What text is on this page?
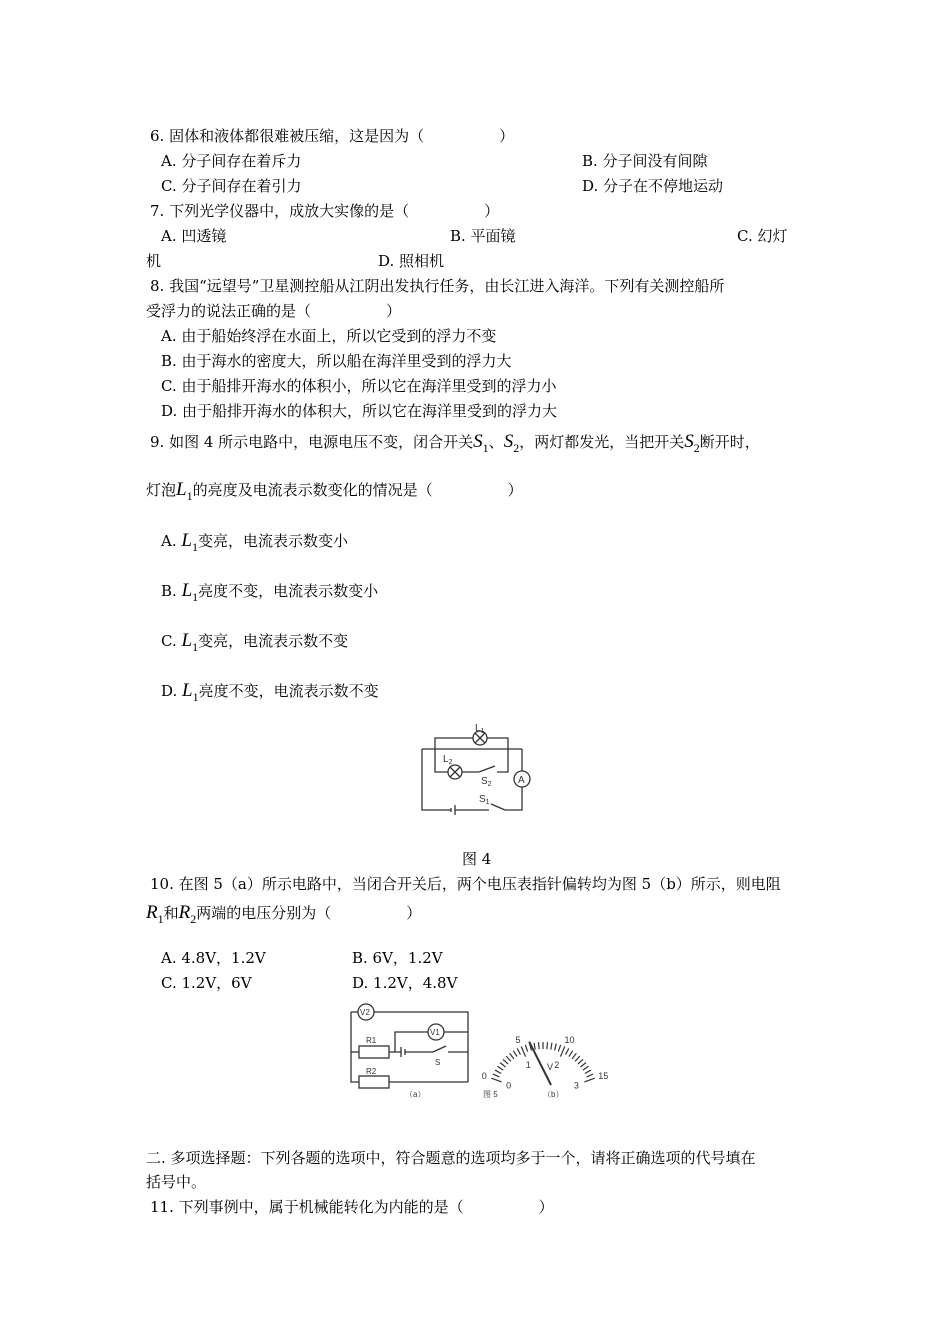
6. 固体和液体都很难被压缩，这是因为（　　　　　）
A. 分子间存在着斥力	B. 分子间没有间隙
C. 分子间存在着引力	D. 分子在不停地运动
7. 下列光学仪器中，成放大实像的是（　　　　　）
A. 凹透镜	B. 平面镜	C. 幻灯
机	D. 照相机
8. 我国“远望号”卫星测控船从江阴出发执行任务，由长江进入海洋。下列有关测控船所
受浮力的说法正确的是（　　　　　）
A. 由于船始终浮在水面上，所以它受到的浮力不变
B. 由于海水的密度大，所以船在海洋里受到的浮力大
C. 由于船排开海水的体积小，所以它在海洋里受到的浮力小
D. 由于船排开海水的体积大，所以它在海洋里受到的浮力大
9. 如图 4 所示电路中，电源电压不变，闭合开关$S_1$、$S_2$，两灯都发光，当把开关$S_2$断开时，
灯泡$L_1$的亮度及电流表示数变化的情况是（　　　　　）
A. $L_1$变亮，电流表示数变小
B. $L_1$亮度不变，电流表示数变小
C. $L_1$变亮，电流表示数不变
D. $L_1$亮度不变，电流表示数不变
$L_1$
$L_2$
$S_2$	A
$S_1$
图 4
10. 在图 5（a）所示电路中，当闭合开关后，两个电压表指针偏转均为图 5（b）所示，则电阻
$R_1$和$R_2$两端的电压分别为（　　　　　）
A. 4.8V，1.2V	B. 6V，1.2V
C. 1.2V，6V	D. 1.2V，4.8V
V2
V1
R1
R2
S
（a）	图 5	（b）
0
5	10
15
0
1	2
3
V
二. 多项选择题：下列各题的选项中，符合题意的选项均多于一个，请将正确选项的代号填在
括号中。
11. 下列事例中，属于机械能转化为内能的是（　　　　　）
